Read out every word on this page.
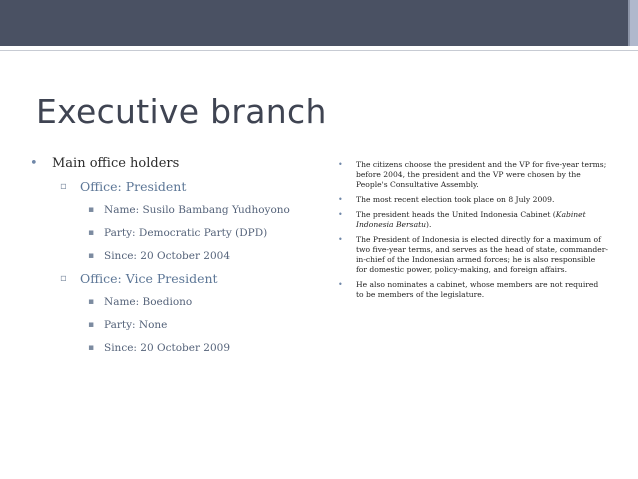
Executive branch
• Main office holders
▫ Office: President
▪ Name: Susilo Bambang Yudhoyono
▪ Party: Democratic Party (DPD)
▪ Since: 20 October 2004
▫ Office: Vice President
▪ Name: Boediono
▪ Party: None
▪ Since: 20 October 2009
• The citizens choose the president and the VP for five-year terms; before 2004, the president and the VP were chosen by the People's Consultative Assembly.
• The most recent election took place on 8 July 2009.
• The president heads the United Indonesia Cabinet (Kabinet Indonesia Bersatu).
• The President of Indonesia is elected directly for a maximum of two five-year terms, and serves as the head of state, commander-in-chief of the Indonesian armed forces; he is also responsible for domestic power, policy-making, and foreign affairs.
• He also nominates a cabinet, whose members are not required to be members of the legislature.
